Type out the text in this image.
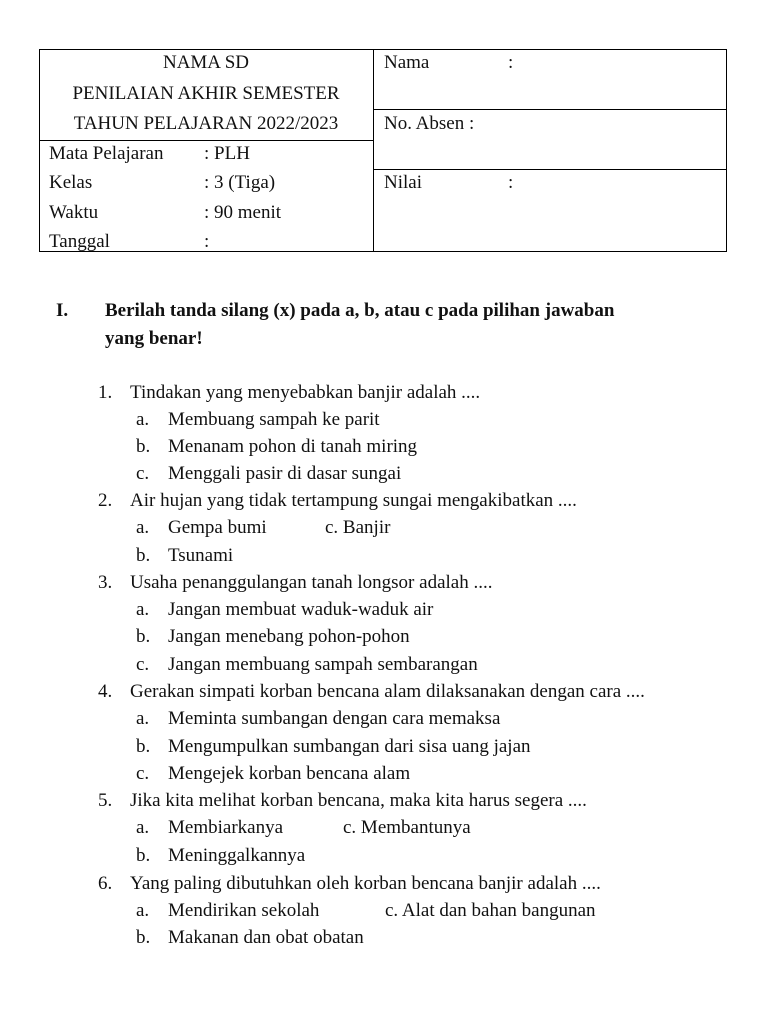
NAMA SD
PENILAIAN AKHIR SEMESTER
TAHUN PELAJARAN 2022/2023
Mata Pelajaran : PLH
Kelas	: 3 (Tiga)
Waktu	: 90 menit
Tanggal	:
Nama	:
No. Absen :
Nilai	:
I. Berilah tanda silang (x) pada a, b, atau c pada pilihan jawaban
yang benar!
1. Tindakan yang menyebabkan banjir adalah ....
a. Membuang sampah ke parit
b. Menanam pohon di tanah miring
c. Menggali pasir di dasar sungai
2. Air hujan yang tidak tertampung sungai mengakibatkan ....
a. Gempa bumi	c. Banjir
b. Tsunami
3. Usaha penanggulangan tanah longsor adalah ....
a. Jangan membuat waduk-waduk air
b. Jangan menebang pohon-pohon
c. Jangan membuang sampah sembarangan
4. Gerakan simpati korban bencana alam dilaksanakan dengan cara ....
a. Meminta sumbangan dengan cara memaksa
b. Mengumpulkan sumbangan dari sisa uang jajan
c. Mengejek korban bencana alam
5. Jika kita melihat korban bencana, maka kita harus segera ....
a. Membiarkanya	c. Membantunya
b. Meninggalkannya
6. Yang paling dibutuhkan oleh korban bencana banjir adalah ....
a. Mendirikan sekolah	c. Alat dan bahan bangunan
b. Makanan dan obat obatan
